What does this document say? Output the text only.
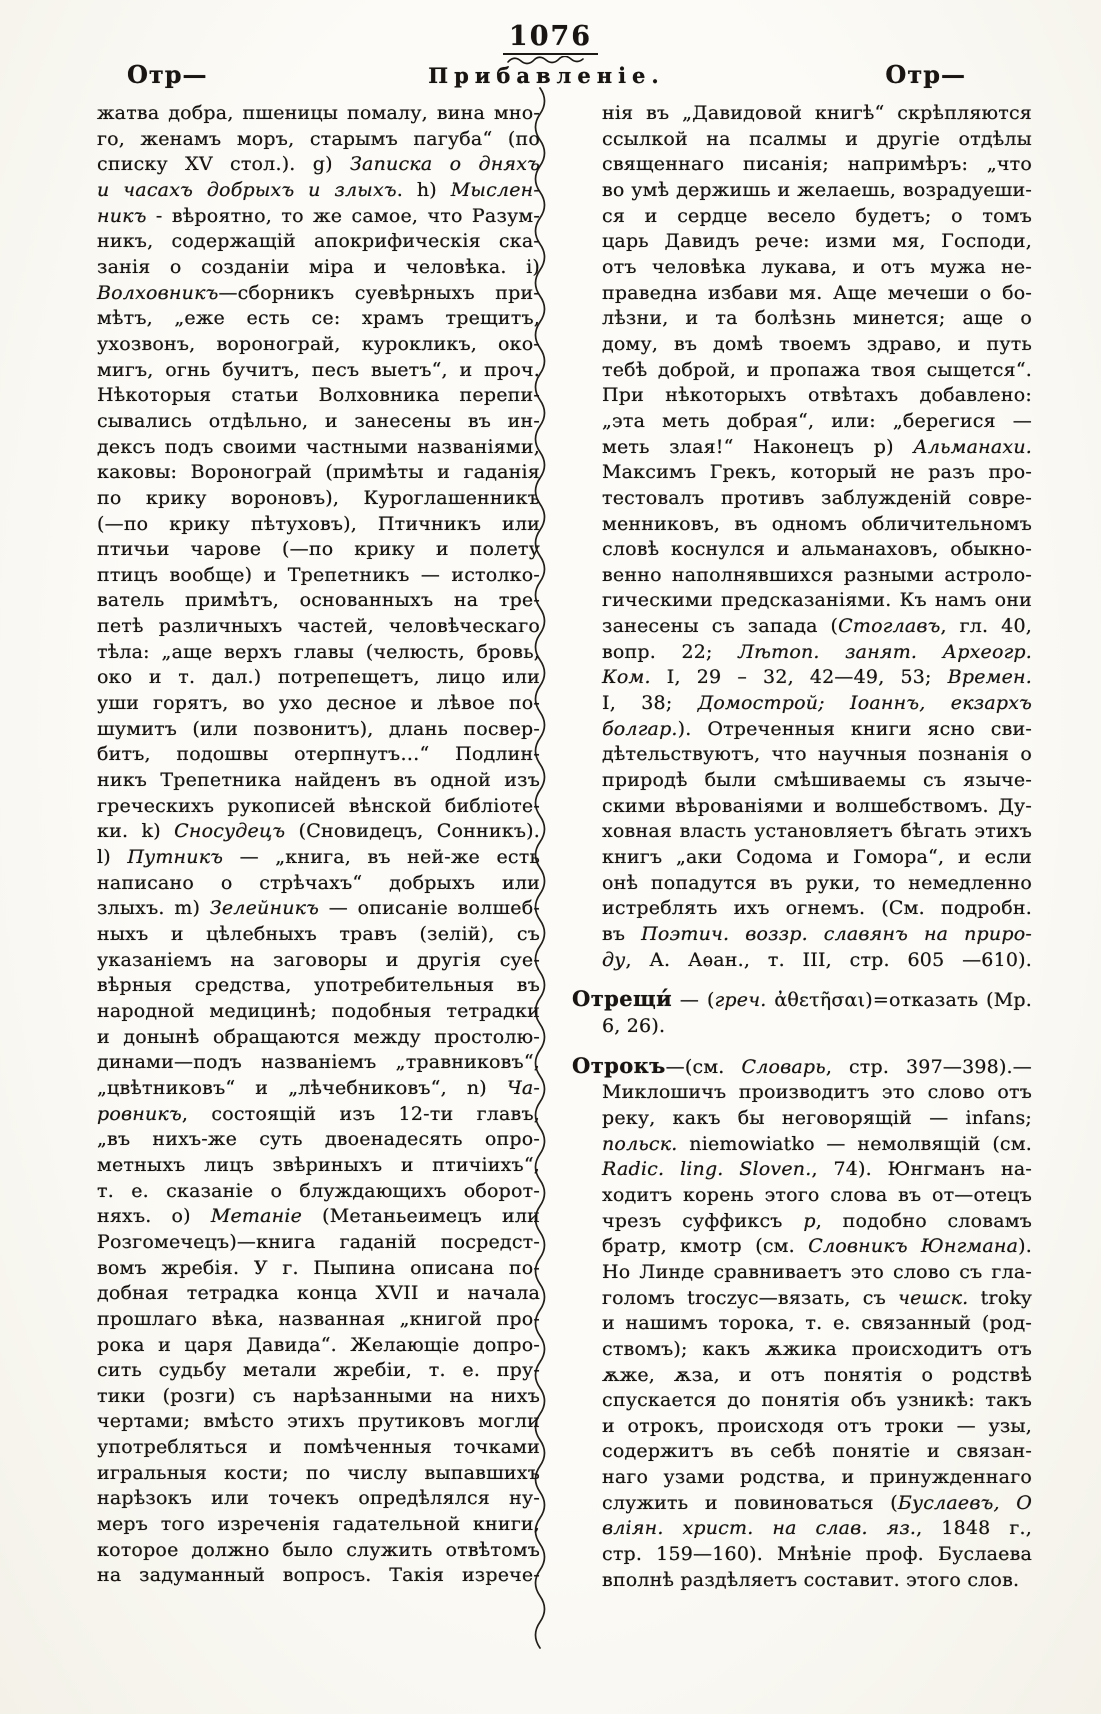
1076
Отр—	Прибавленіе.	Отр—
жатва добра, пшеницы помалу, вина мно-
го, женамъ моръ, старымъ пагуба“ (по
списку XV стол.). g) Записка о дняхъ
и часахъ добрыхъ и злыхъ. h) Мыслен-
никъ - вѣроятно, то же самое, что Разум-
никъ, содержащій апокрифическія ска-
занія о созданіи міра и человѣка. i)
Волховникъ—сборникъ суевѣрныхъ при-
мѣтъ, „еже есть се: храмъ трещитъ,
ухозвонъ, воронограй, курокликъ, око-
мигъ, огнь бучитъ, песъ выетъ“, и проч.
Нѣкоторыя статьи Волховника перепи-
сывались отдѣльно, и занесены въ ин-
дексъ подъ своими частными названіями,
каковы: Воронограй (примѣты и гаданія
по крику вороновъ), Куроглашенникъ
(—по крику пѣтуховъ), Птичникъ или
птичьи чарове (—по крику и полету
птицъ вообще) и Трепетникъ — истолко-
ватель примѣтъ, основанныхъ на тре-
петѣ различныхъ частей, человѣческаго
тѣла: „аще верхъ главы (челюсть, бровь,
око и т. дал.) потрепещетъ, лицо или
уши горятъ, во ухо десное и лѣвое по-
шумитъ (или позвонитъ), длань посвер-
битъ, подошвы отерпнутъ…“ Подлин-
никъ Трепетника найденъ въ одной изъ
греческихъ рукописей вѣнской библіоте-
ки. k) Сносудецъ (Сновидецъ, Сонникъ).
l) Путникъ — „книга, въ ней-же есть
написано о стрѣчахъ“ добрыхъ или
злыхъ. m) Зелейникъ — описаніе волшеб-
ныхъ и цѣлебныхъ травъ (зелій), съ
указаніемъ на заговоры и другія суе-
вѣрныя средства, употребительныя въ
народной медицинѣ; подобныя тетрадки
и донынѣ обращаются между простолю-
динами—подъ названіемъ „травниковъ“,
„цвѣтниковъ“ и „лѣчебниковъ“, n) Ча-
ровникъ, состоящій изъ 12-ти главъ,
„въ нихъ-же суть двоенадесять опро-
метныхъ лицъ звѣриныхъ и птичіихъ“,
т. е. сказаніе о блуждающихъ оборот-
няхъ. о) Метаніе (Метаньеимецъ или
Розгомечецъ)—книга гаданій посредст-
вомъ жребія. У г. Пыпина описана по-
добная тетрадка конца XVII и начала
прошлаго вѣка, названная „книгой про-
рока и царя Давида“. Желающіе допро-
сить судьбу метали жребіи, т. е. пру-
тики (розги) съ нарѣзанными на нихъ
чертами; вмѣсто этихъ прутиковъ могли
употребляться и помѣченныя точками
игральныя кости; по числу выпавшихъ
нарѣзокъ или точекъ опредѣлялся ну-
меръ того изреченія гадательной книги,
которое должно было служить отвѣтомъ
на задуманный вопросъ. Такія изрече-
нія въ „Давидовой книгѣ“ скрѣпляются
ссылкой на псалмы и другіе отдѣлы
священнаго писанія; напримѣръ: „что
во умѣ держишь и желаешь, возрадуеши-
ся и сердце весело будетъ; о томъ
царь Давидъ рече: изми мя, Господи,
отъ человѣка лукава, и отъ мужа не-
праведна избави мя. Аще мечеши о бо-
лѣзни, и та болѣзнь минется; аще о
дому, въ домѣ твоемъ здраво, и путь
тебѣ доброй, и пропажа твоя сыщется“.
При нѣкоторыхъ отвѣтахъ добавлено:
„эта меть добрая“, или: „берегися —
меть злая!“ Наконецъ р) Альманахи.
Максимъ Грекъ, который не разъ про-
тестовалъ противъ заблужденій совре-
менниковъ, въ одномъ обличительномъ
словѣ коснулся и альманаховъ, обыкно-
венно наполнявшихся разными астроло-
гическими предсказаніями. Къ намъ они
занесены съ запада (Стоглавъ, гл. 40,
вопр. 22; Лѣтоп. занят. Археогр.
Ком. I, 29 – 32, 42—49, 53; Времен.
I, 38; Домострой; Іоаннъ, екзархъ
болгар.). Отреченныя книги ясно сви-
дѣтельствуютъ, что научныя познанія о
природѣ были смѣшиваемы съ языче-
скими вѣрованіями и волшебствомъ. Ду-
ховная власть установляетъ бѣгать этихъ
книгъ „аки Содома и Гомора“, и если
онѣ попадутся въ руки, то немедленно
истреблять ихъ огнемъ. (См. подробн.
въ Поэтич. воззр. славянъ на приро-
ду, А. Аѳан., т. III, стр. 605 —610).
Отрещи́ — (греч. ἀθετῆσαι)=отказать (Мр.
6, 26).
Отрокъ—(см. Словарь, стр. 397—398).—
Миклошичъ производитъ это слово отъ
реку, какъ бы неговорящій — infans;
польск. niemowiatko — немолвящій (см.
Radic. ling. Sloven., 74). Юнгманъ на-
ходитъ корень этого слова въ от—отецъ
чрезъ суффиксъ р, подобно словамъ
братр, кмотр (см. Словникъ Юнгмана).
Но Линде сравниваетъ это слово съ гла-
голомъ troczyc—вязать, съ чешск. troky
и нашимъ торока, т. е. связанный (род-
ствомъ); какъ ѫжика происходитъ отъ
ѫже, ѫза, и отъ понятія о родствѣ
спускается до понятія объ узникѣ: такъ
и отрокъ, происходя отъ троки — узы,
содержитъ въ себѣ понятіе и связан-
наго узами родства, и принужденнаго
служить и повиноваться (Буслаевъ, О
вліян. христ. на слав. яз., 1848 г.,
стр. 159—160). Мнѣніе проф. Буслаева
вполнѣ раздѣляетъ составит. этого слов.
